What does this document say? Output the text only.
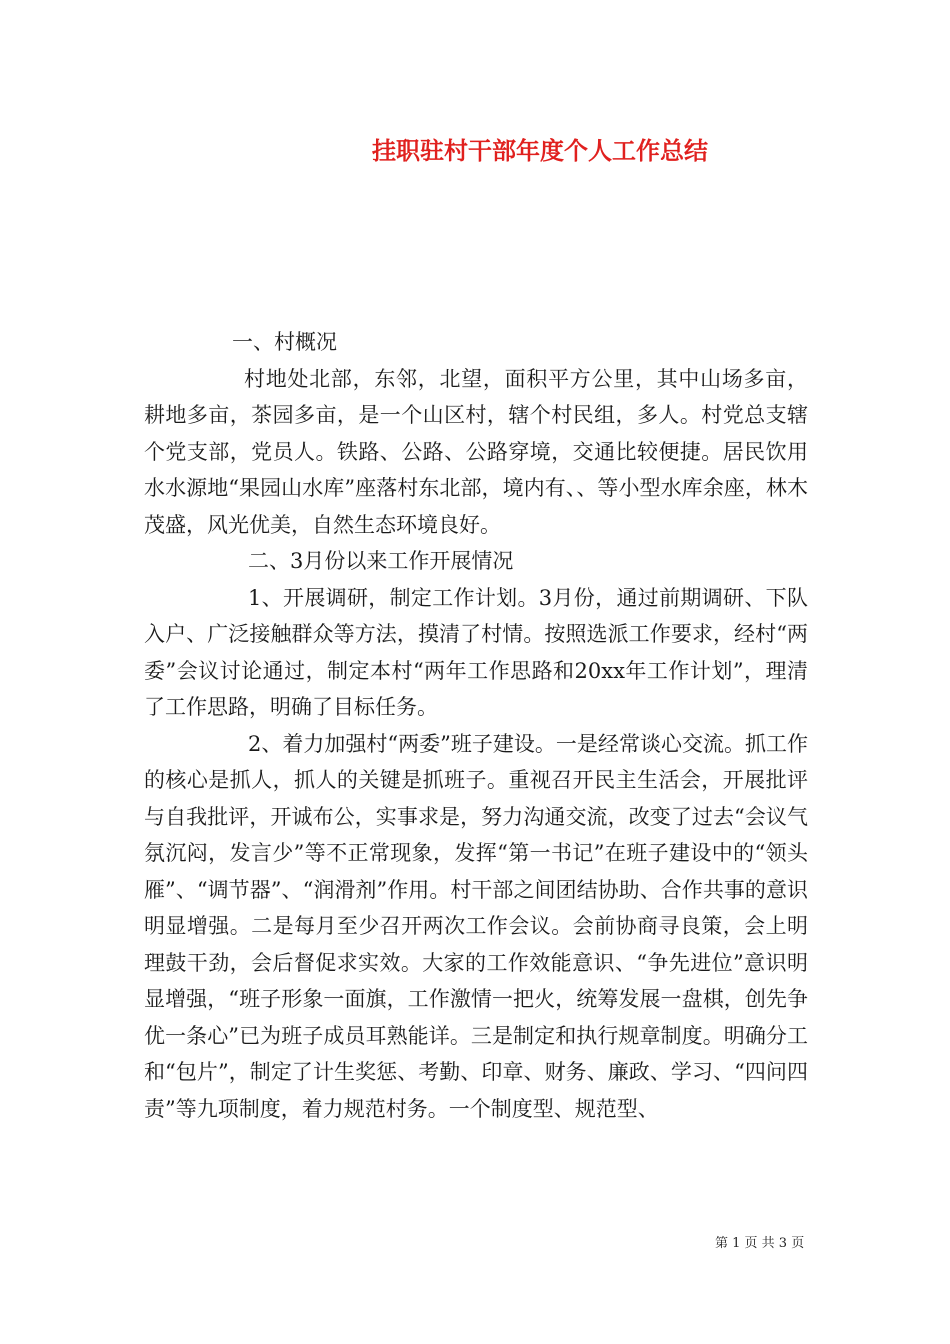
挂职驻村干部年度个人工作总结

一、村概况

村地处北部，东邻，北望，面积平方公里，其中山场多亩，耕地多亩，茶园多亩，是一个山区村，辖个村民组，多人。村党总支辖个党支部，党员人。铁路、公路、公路穿境，交通比较便捷。居民饮用水水源地“果园山水库”座落村东北部，境内有、、等小型水库余座，林木茂盛，风光优美，自然生态环境良好。

二、3月份以来工作开展情况

1、开展调研，制定工作计划。3月份，通过前期调研、下队入户、广泛接触群众等方法，摸清了村情。按照选派工作要求，经村“两委”会议讨论通过，制定本村“两年工作思路和20xx年工作计划”，理清了工作思路，明确了目标任务。

2、着力加强村“两委”班子建设。一是经常谈心交流。抓工作的核心是抓人，抓人的关键是抓班子。重视召开民主生活会，开展批评与自我批评，开诚布公，实事求是，努力沟通交流，改变了过去“会议气氛沉闷，发言少”等不正常现象，发挥“第一书记”在班子建设中的“领头雁”、“调节器”、“润滑剂”作用。村干部之间团结协助、合作共事的意识明显增强。二是每月至少召开两次工作会议。会前协商寻良策，会上明理鼓干劲，会后督促求实效。大家的工作效能意识、“争先进位”意识明显增强，“班子形象一面旗，工作激情一把火，统筹发展一盘棋，创先争优一条心”已为班子成员耳熟能详。三是制定和执行规章制度。明确分工和“包片”，制定了计生奖惩、考勤、印章、财务、廉政、学习、“四问四责”等九项制度，着力规范村务。一个制度型、规范型、

第 1 页 共 3 页
